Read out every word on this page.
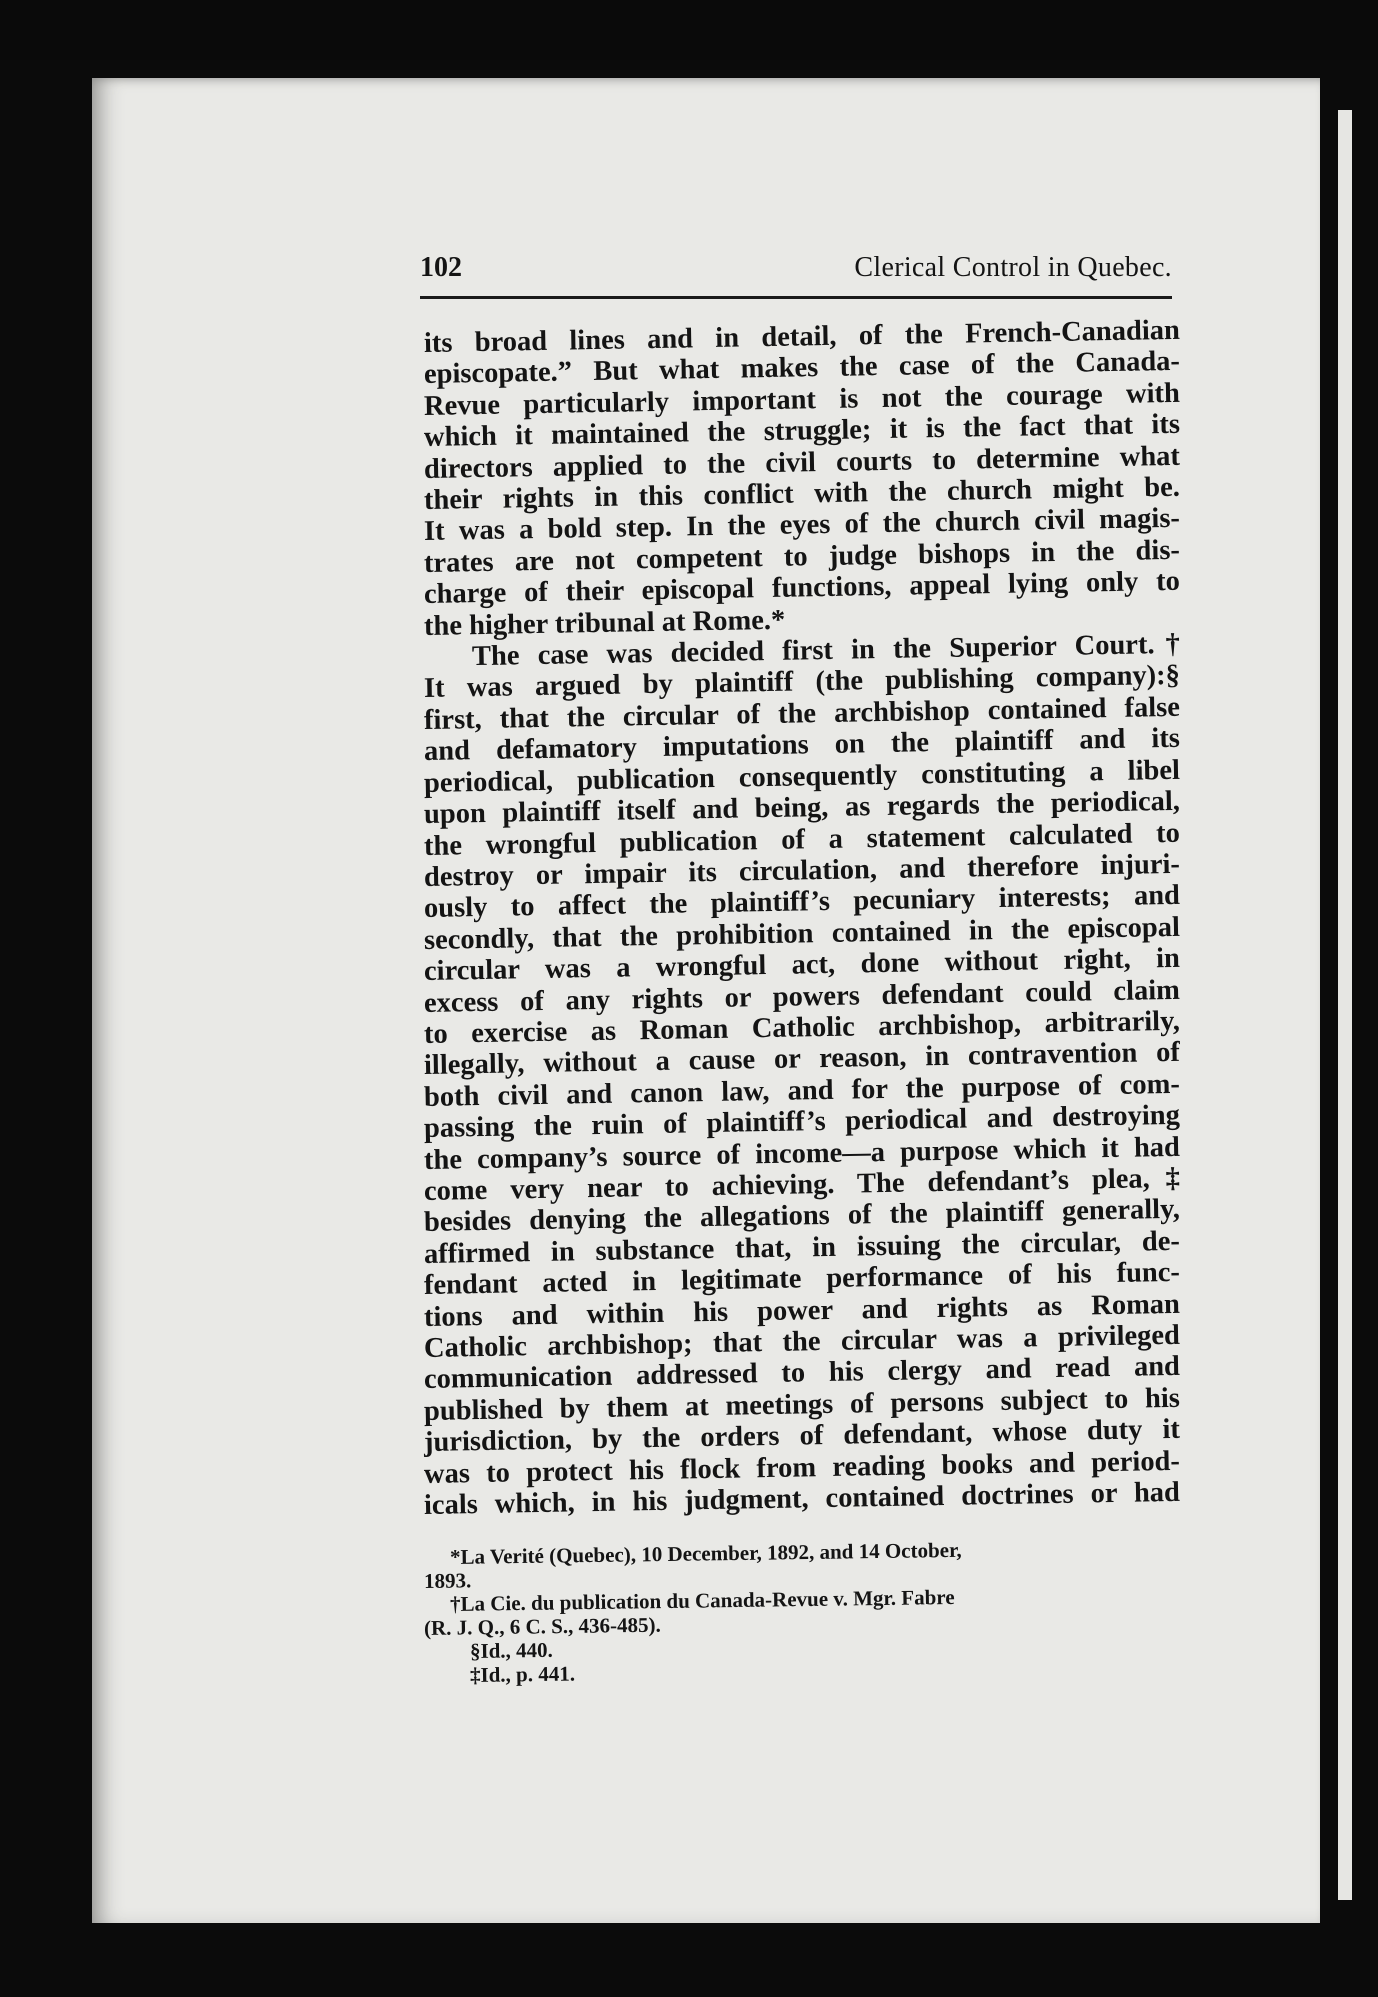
102	Clerical Control in Quebec.
its broad lines and in detail, of the French-Canadian
episcopate.” But what makes the case of the Canada-
Revue particularly important is not the courage with
which it maintained the struggle; it is the fact that its
directors applied to the civil courts to determine what
their rights in this conflict with the church might be.
It was a bold step. In the eyes of the church civil magis-
trates are not competent to judge bishops in the dis-
charge of their episcopal functions, appeal lying only to
the higher tribunal at Rome.*
The case was decided first in the Superior Court.†
It was argued by plaintiff (the publishing company):§
first, that the circular of the archbishop contained false
and defamatory imputations on the plaintiff and its
periodical, publication consequently constituting a libel
upon plaintiff itself and being, as regards the periodical,
the wrongful publication of a statement calculated to
destroy or impair its circulation, and therefore injuri-
ously to affect the plaintiff’s pecuniary interests; and
secondly, that the prohibition contained in the episcopal
circular was a wrongful act, done without right, in
excess of any rights or powers defendant could claim
to exercise as Roman Catholic archbishop, arbitrarily,
illegally, without a cause or reason, in contravention of
both civil and canon law, and for the purpose of com-
passing the ruin of plaintiff’s periodical and destroying
the company’s source of income—a purpose which it had
come very near to achieving. The defendant’s plea,‡
besides denying the allegations of the plaintiff generally,
affirmed in substance that, in issuing the circular, de-
fendant acted in legitimate performance of his func-
tions and within his power and rights as Roman
Catholic archbishop; that the circular was a privileged
communication addressed to his clergy and read and
published by them at meetings of persons subject to his
jurisdiction, by the orders of defendant, whose duty it
was to protect his flock from reading books and period-
icals which, in his judgment, contained doctrines or had
*La Verité (Quebec), 10 December, 1892, and 14 October,
1893.
†La Cie. du publication du Canada-Revue v. Mgr. Fabre
(R. J. Q., 6 C. S., 436-485).
§Id., 440.
‡Id., p. 441.
